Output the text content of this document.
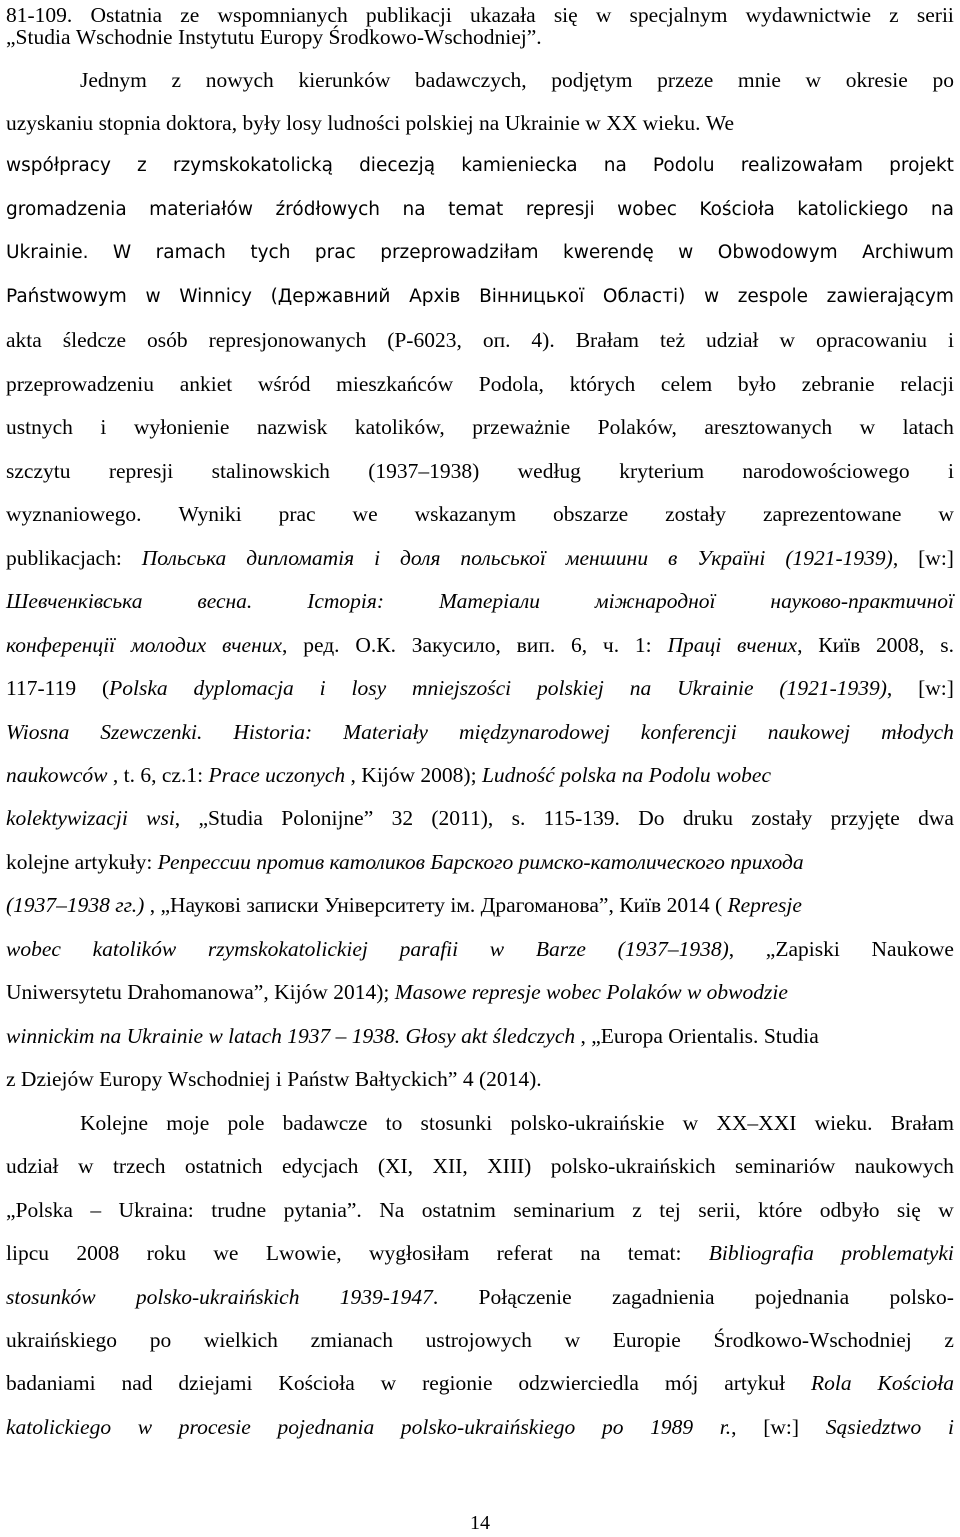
81-109. Ostatnia ze wspomnianych publikacji ukazała się w specjalnym wydawnictwie z serii
„Studia Wschodnie Instytutu Europy Środkowo-Wschodniej”.
Jednym z nowych kierunków badawczych, podjętym przeze mnie w okresie po
uzyskaniu stopnia doktora, były losy ludności polskiej na Ukrainie w XX wieku. We
współpracy z rzymskokatolicką diecezją kamieniecka na Podolu realizowałam projekt
gromadzenia materiałów źródłowych na temat represji wobec Kościoła katolickiego na
Ukrainie. W ramach tych prac przeprowadziłam kwerendę w Obwodowym Archiwum
Państwowym w Winnicy (Державний Архів Вінницької Області) w zespole zawierającym
akta śledcze osób represjonowanych (Р-6023, оп. 4). Brałam też udział w opracowaniu i
przeprowadzeniu ankiet wśród mieszkańców Podola, których celem było zebranie relacji
ustnych i wyłonienie nazwisk katolików, przeważnie Polaków, aresztowanych w latach
szczytu represji stalinowskich (1937–1938) według kryterium narodowościowego i
wyznaniowego. Wyniki prac we wskazanym obszarze zostały zaprezentowane w
publikacjach: Польська дипломатія і доля польської меншини в Україні (1921-1939), [w:]
Шевченківська	весна.	Історія:	Матеріали	міжнародної	науково-практичної
конференції молодих вчених, ред. О.К. Закусило, вип. 6, ч. 1: Праці вчених, Київ 2008, s.
117-119 (Polska dyplomacja i losy mniejszości polskiej na Ukrainie (1921-1939), [w:]
Wiosna Szewczenki. Historia: Materiały międzynarodowej konferencji naukowej młodych
naukowców , t. 6, cz.1: Prace uczonych , Kijów 2008); Ludność polska na Podolu wobec
kolektywizacji wsi, „Studia Polonijne” 32 (2011), s. 115-139. Do druku zostały przyjęte dwa
kolejne artykuły: Репрессии против католиков Барского римско-католического прихода
(1937–1938 гг.) , „Наукові записки Університету ім. Драгоманова”, Київ 2014 ( Represje
wobec katolików rzymskokatolickiej parafii w Barze (1937–1938), „Zapiski Naukowe
Uniwersytetu Drahomanowa”, Kijów 2014); Masowe represje wobec Polaków w obwodzie
winnickim na Ukrainie w latach 1937 – 1938. Głosy akt śledczych , „Europa Orientalis. Studia
z Dziejów Europy Wschodniej i Państw Bałtyckich” 4 (2014).
Kolejne moje pole badawcze to stosunki polsko-ukraińskie w XX–XXI wieku. Brałam
udział w trzech ostatnich edycjach (XI, XII, XIII) polsko-ukraińskich seminariów naukowych
„Polska – Ukraina: trudne pytania”. Na ostatnim seminarium z tej serii, które odbyło się w
lipcu 2008 roku we Lwowie, wygłosiłam referat na temat: Bibliografia problematyki
stosunków polsko-ukraińskich 1939-1947. Połączenie zagadnienia pojednania polsko-
ukraińskiego po wielkich zmianach ustrojowych w Europie Środkowo-Wschodniej z
badaniami nad dziejami Kościoła w regionie odzwierciedla mój artykuł Rola Kościoła
katolickiego w procesie pojednania polsko-ukraińskiego po 1989 r., [w:] Sąsiedztwo i
14
